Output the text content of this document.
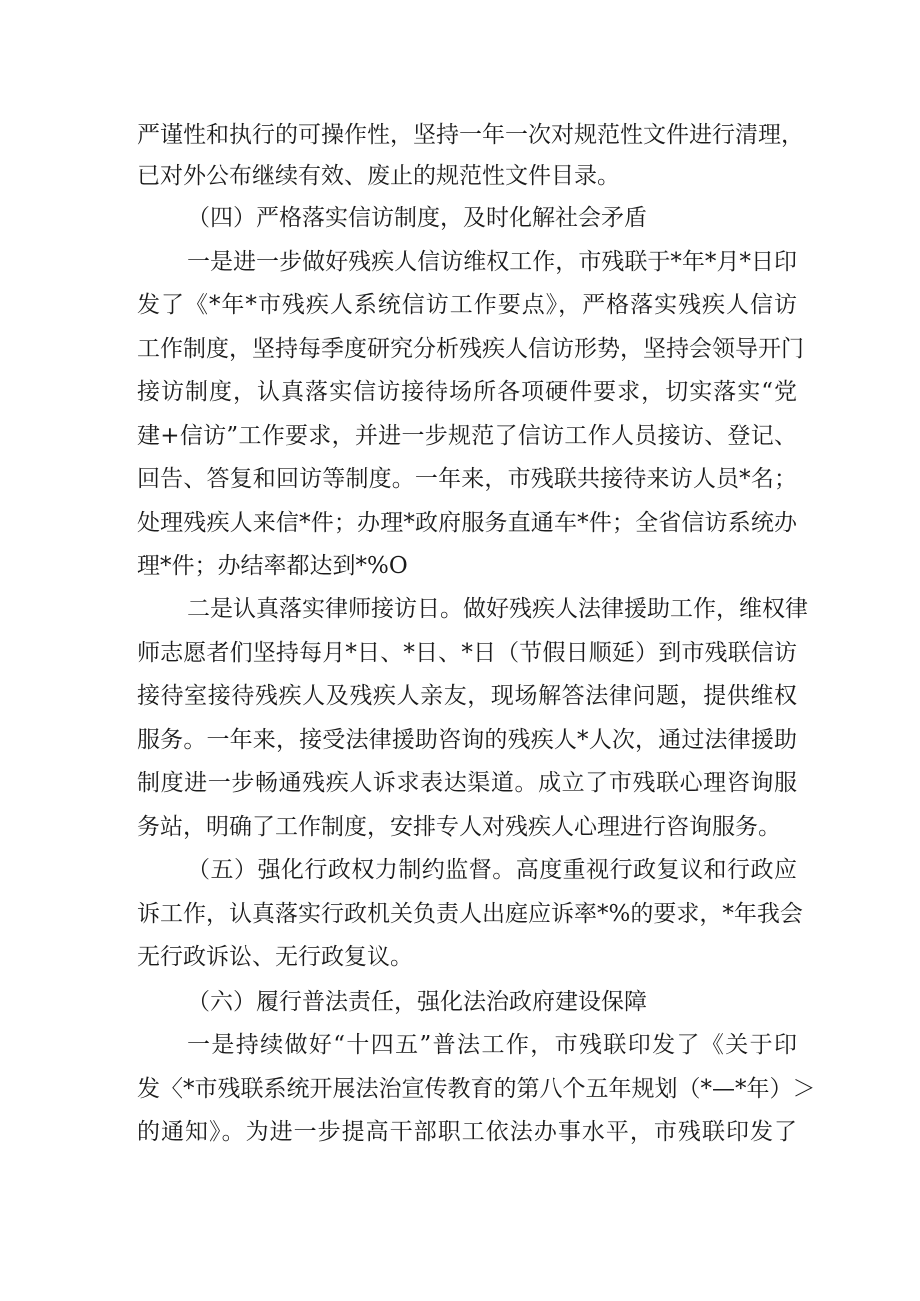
严谨性和执行的可操作性，坚持一年一次对规范性文件进行清理，
已对外公布继续有效、废止的规范性文件目录。
（四）严格落实信访制度，及时化解社会矛盾
一是进一步做好残疾人信访维权工作，市残联于*年*月*日印
发了《*年*市残疾人系统信访工作要点》，严格落实残疾人信访
工作制度，坚持每季度研究分析残疾人信访形势，坚持会领导开门
接访制度，认真落实信访接待场所各项硬件要求，切实落实“党
建+信访”工作要求，并进一步规范了信访工作人员接访、登记、
回告、答复和回访等制度。一年来，市残联共接待来访人员*名；
处理残疾人来信*件；办理*政府服务直通车*件；全省信访系统办
理*件；办结率都达到*%O
二是认真落实律师接访日。做好残疾人法律援助工作，维权律
师志愿者们坚持每月*日、*日、*日（节假日顺延）到市残联信访
接待室接待残疾人及残疾人亲友，现场解答法律问题，提供维权
服务。一年来，接受法律援助咨询的残疾人*人次，通过法律援助
制度进一步畅通残疾人诉求表达渠道。成立了市残联心理咨询服
务站，明确了工作制度，安排专人对残疾人心理进行咨询服务。
（五）强化行政权力制约监督。高度重视行政复议和行政应
诉工作，认真落实行政机关负责人出庭应诉率*%的要求，*年我会
无行政诉讼、无行政复议。
（六）履行普法责任，强化法治政府建设保障
一是持续做好“十四五”普法工作，市残联印发了《关于印
发〈*市残联系统开展法治宣传教育的第八个五年规划（*—*年）＞
的通知》。为进一步提高干部职工依法办事水平，市残联印发了
